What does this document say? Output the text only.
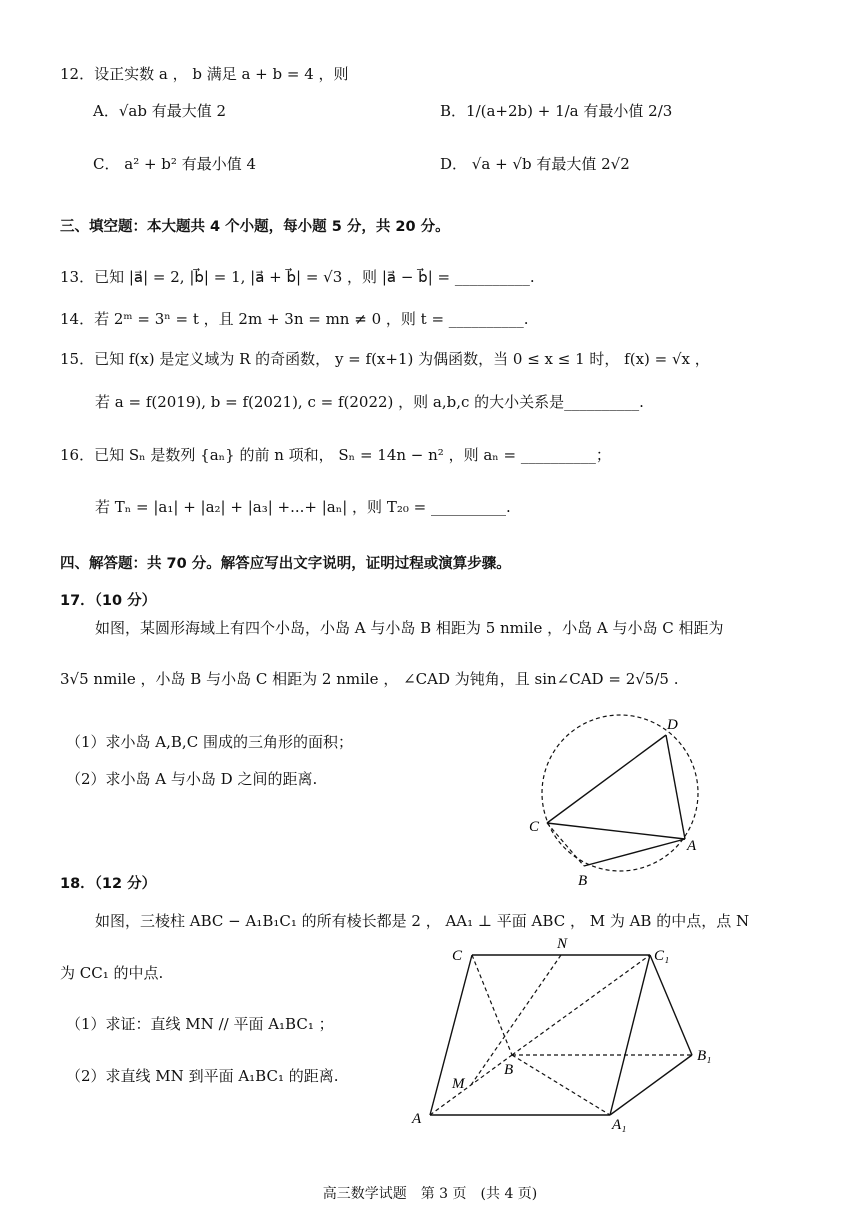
12．设正实数 a ， b 满足 a + b = 4 ，则
A．√ab 有最大值 2	B．1/(a+2b) + 1/a 有最小值 2/3
C． a² + b² 有最小值 4	D． √a + √b 有最大值 2√2
三、填空题：本大题共 4 个小题，每小题 5 分，共 20 分。
13．已知 |a⃗| = 2, |b⃗| = 1, |a⃗ + b⃗| = √3 ，则 |a⃗ − b⃗| = __________.
14．若 2ᵐ = 3ⁿ = t ，且 2m + 3n = mn ≠ 0 ，则 t = __________.
15．已知 f(x) 是定义域为 R 的奇函数， y = f(x+1) 为偶函数，当 0 ≤ x ≤ 1 时， f(x) = √x ，
若 a = f(2019), b = f(2021), c = f(2022) ，则 a,b,c 的大小关系是__________.
16．已知 Sₙ 是数列 {aₙ} 的前 n 项和， Sₙ = 14n − n² ，则 aₙ = __________；
若 Tₙ = |a₁| + |a₂| + |a₃| +...+ |aₙ| ，则 T₂₀ = __________.
四、解答题：共 70 分。解答应写出文字说明，证明过程或演算步骤。
17．（10 分）
如图，某圆形海域上有四个小岛，小岛 A 与小岛 B 相距为 5 nmile ，小岛 A 与小岛 C 相距为
3√5 nmile ，小岛 B 与小岛 C 相距为 2 nmile ， ∠CAD 为钝角，且 sin∠CAD = 2√5/5 .
（1）求小岛 A,B,C 围成的三角形的面积；
（2）求小岛 A 与小岛 D 之间的距离.
D
C
A
B
18．（12 分）
如图，三棱柱 ABC − A₁B₁C₁ 的所有棱长都是 2 ， AA₁ ⊥ 平面 ABC ， M 为 AB 的中点，点 N
为 CC₁ 的中点.
（1）求证：直线 MN // 平面 A₁BC₁ ；
（2）求直线 MN 到平面 A₁BC₁ 的距离.
C
N
C₁
B
B₁
M
A	A₁
高三数学试题　第 3 页　(共 4 页)
